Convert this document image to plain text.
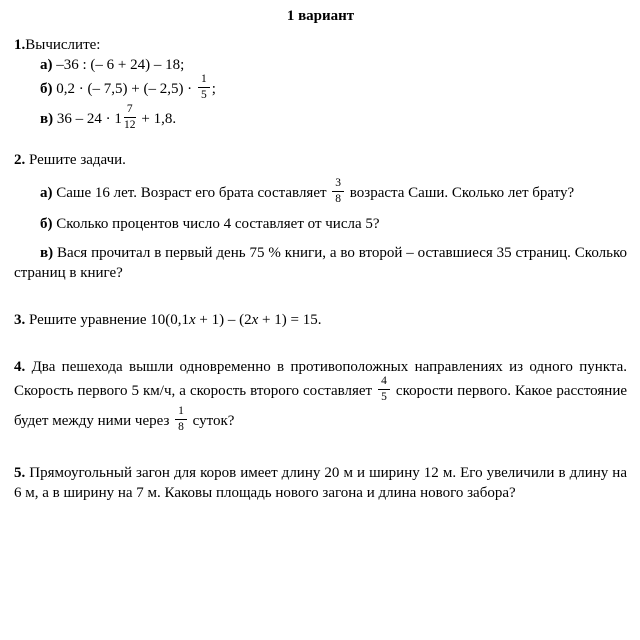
1 вариант

1.Вычислите:

а) –36 : (– 6 + 24) – 18;

б) 0,2 · (– 7,5) + (– $2,5) \cdot \frac{1}{5}$ ;

в) $36 - 24 \cdot 1 \frac{7}{12} + 1,8$.

2. Решите задачи.

а) Саше 16 лет. Возраст его брата составляет $\frac{3}{8}$ возраста Саши. Сколько лет брату?

б) Сколько процентов число 4 составляет от числа 5?

в) Вася прочитал в первый день 75 % книги, а во второй – оставшиеся 35 страниц. Сколько страниц в книге?

3. Решите уравнение 10(0,1x + 1) – (2x + 1) = 15.

4. Два пешехода вышли одновременно в противоположных направлениях из одного пункта. Скорость первого 5 км/ч, а скорость второго составляет $\frac{4}{5}$ скорости первого. Какое расстояние будет между ними через $\frac{1}{8}$ суток?

5. Прямоугольный загон для коров имеет длину 20 м и ширину 12 м. Его увеличили в длину на 6 м, а в ширину на 7 м. Каковы площадь нового загона и длина нового забора?
